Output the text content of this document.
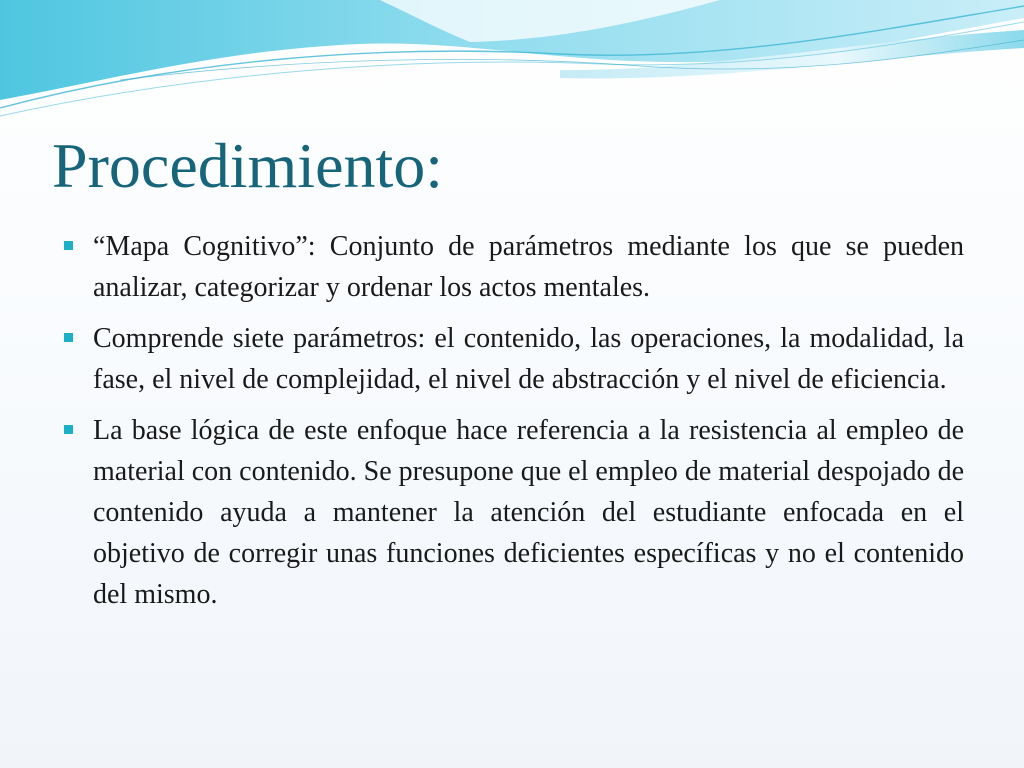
Procedimiento:
“Mapa Cognitivo”: Conjunto de parámetros mediante los que se pueden analizar, categorizar y ordenar los actos mentales.
Comprende siete parámetros: el contenido, las operaciones, la modalidad, la fase, el nivel de complejidad, el nivel de abstracción y el nivel de eficiencia.
La base lógica de este enfoque hace referencia a la resistencia al empleo de material con contenido. Se presupone que el empleo de material despojado de contenido ayuda a mantener la atención del estudiante enfocada en el objetivo de corregir unas funciones deficientes específicas y no el contenido del mismo.
